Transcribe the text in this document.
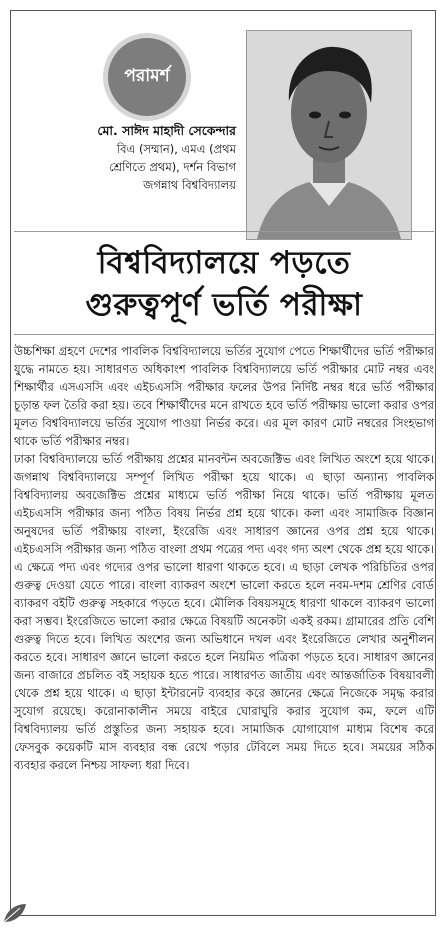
পরামর্শ
মো. সাঈদ মাহাদী সেকেন্দার
বিএ (সম্মান), এমএ (প্রথম
শ্রেণিতে প্রথম), দর্শন বিভাগ
জগন্নাথ বিশ্ববিদ্যালয়
বিশ্ববিদ্যালয়ে পড়তে
গুরুত্বপূর্ণ ভর্তি পরীক্ষা

উচ্চশিক্ষা গ্রহণে দেশের পাবলিক বিশ্ববিদ্যালয়ে ভর্তির সুযোগ পেতে শিক্ষার্থীদের ভর্তি পরীক্ষার যুদ্ধে নামতে হয়। সাধারণত অধিকাংশ পাবলিক বিশ্ববিদ্যালয়ে ভর্তি পরীক্ষার মোট নম্বর এবং শিক্ষার্থীর এসএসসি এবং এইচএসসি পরীক্ষার ফলের উপর নির্দিষ্ট নম্বর ধরে ভর্তি পরীক্ষার চূড়ান্ত ফল তৈরি করা হয়। তবে শিক্ষার্থীদের মনে রাখতে হবে ভর্তি পরীক্ষায় ভালো করার ওপর মূলত বিশ্ববিদ্যালয়ে ভর্তির সুযোগ পাওয়া নির্ভর করে। এর মূল কারণ মোট নম্বরের সিংহভাগ থাকে ভর্তি পরীক্ষার নম্বর।

ঢাকা বিশ্ববিদ্যালয়ে ভর্তি পরীক্ষায় প্রশ্নের মানবন্টন অবজেক্টিভ এবং লিখিত অংশে হয়ে থাকে। জগন্নাথ বিশ্ববিদ্যালয়ে সম্পূর্ণ লিখিত পরীক্ষা হয়ে থাকে। এ ছাড়া অন্যান্য পাবলিক বিশ্ববিদ্যালয় অবজেক্টিভ প্রশ্নের মাধ্যমে ভর্তি পরীক্ষা নিয়ে থাকে। ভর্তি পরীক্ষায় মূলত এইচএসসি পরীক্ষার জন্য পঠিত বিষয় নির্ভর প্রশ্ন হয়ে থাকে। কলা এবং সামাজিক বিজ্ঞান অনুষদের ভর্তি পরীক্ষায় বাংলা, ইংরেজি এবং সাধারণ জ্ঞানের ওপর প্রশ্ন হয়ে থাকে। এইচএসসি পরীক্ষার জন্য পঠিত বাংলা প্রথম পত্রের পদ্য এবং গদ্য অংশ থেকে প্রশ্ন হয়ে থাকে। এ ক্ষেত্রে পদ্য এবং গদ্যের ওপর ভালো ধারণা থাকতে হবে। এ ছাড়া লেখক পরিচিতির ওপর গুরুত্ব দেওয়া যেতে পারে। বাংলা ব্যাকরণ অংশে ভালো করতে হলে নবম-দশম শ্রেণির বোর্ড ব্যাকরণ বইটি গুরুত্ব সহকারে পড়তে হবে। মৌলিক বিষয়সমূহে ধারণা থাকলে ব্যাকরণ ভালো করা সম্ভব। ইংরেজিতে ভালো করার ক্ষেত্রে বিষয়টি অনেকটা একই রকম। গ্রামারের প্রতি বেশি গুরুত্ব দিতে হবে। লিখিত অংশের জন্য অভিধানে দখল এবং ইংরেজিতে লেখার অনুশীলন করতে হবে। সাধারণ জ্ঞানে ভালো করতে হলে নিয়মিত পত্রিকা পড়তে হবে। সাধারণ জ্ঞানের জন্য বাজারে প্রচলিত বই সহায়ক হতে পারে। সাধারণত জাতীয় এবং আন্তর্জাতিক বিষয়াবলী থেকে প্রশ্ন হয়ে থাকে। এ ছাড়া ইন্টারনেট ব্যবহার করে জ্ঞানের ক্ষেত্রে নিজেকে সমৃদ্ধ করার সুযোগ রয়েছে। করোনাকালীন সময়ে বাইরে ঘোরাঘুরি করার সুযোগ কম, ফলে এটি বিশ্ববিদ্যালয় ভর্তি প্রস্তুতির জন্য সহায়ক হবে। সামাজিক যোগাযোগ মাধ্যম বিশেষ করে ফেসবুক কয়েকটি মাস ব্যবহার বন্ধ রেখে পড়ার টেবিলে সময় দিতে হবে। সময়ের সঠিক ব্যবহার করলে নিশ্চয় সাফল্য ধরা দিবে।
